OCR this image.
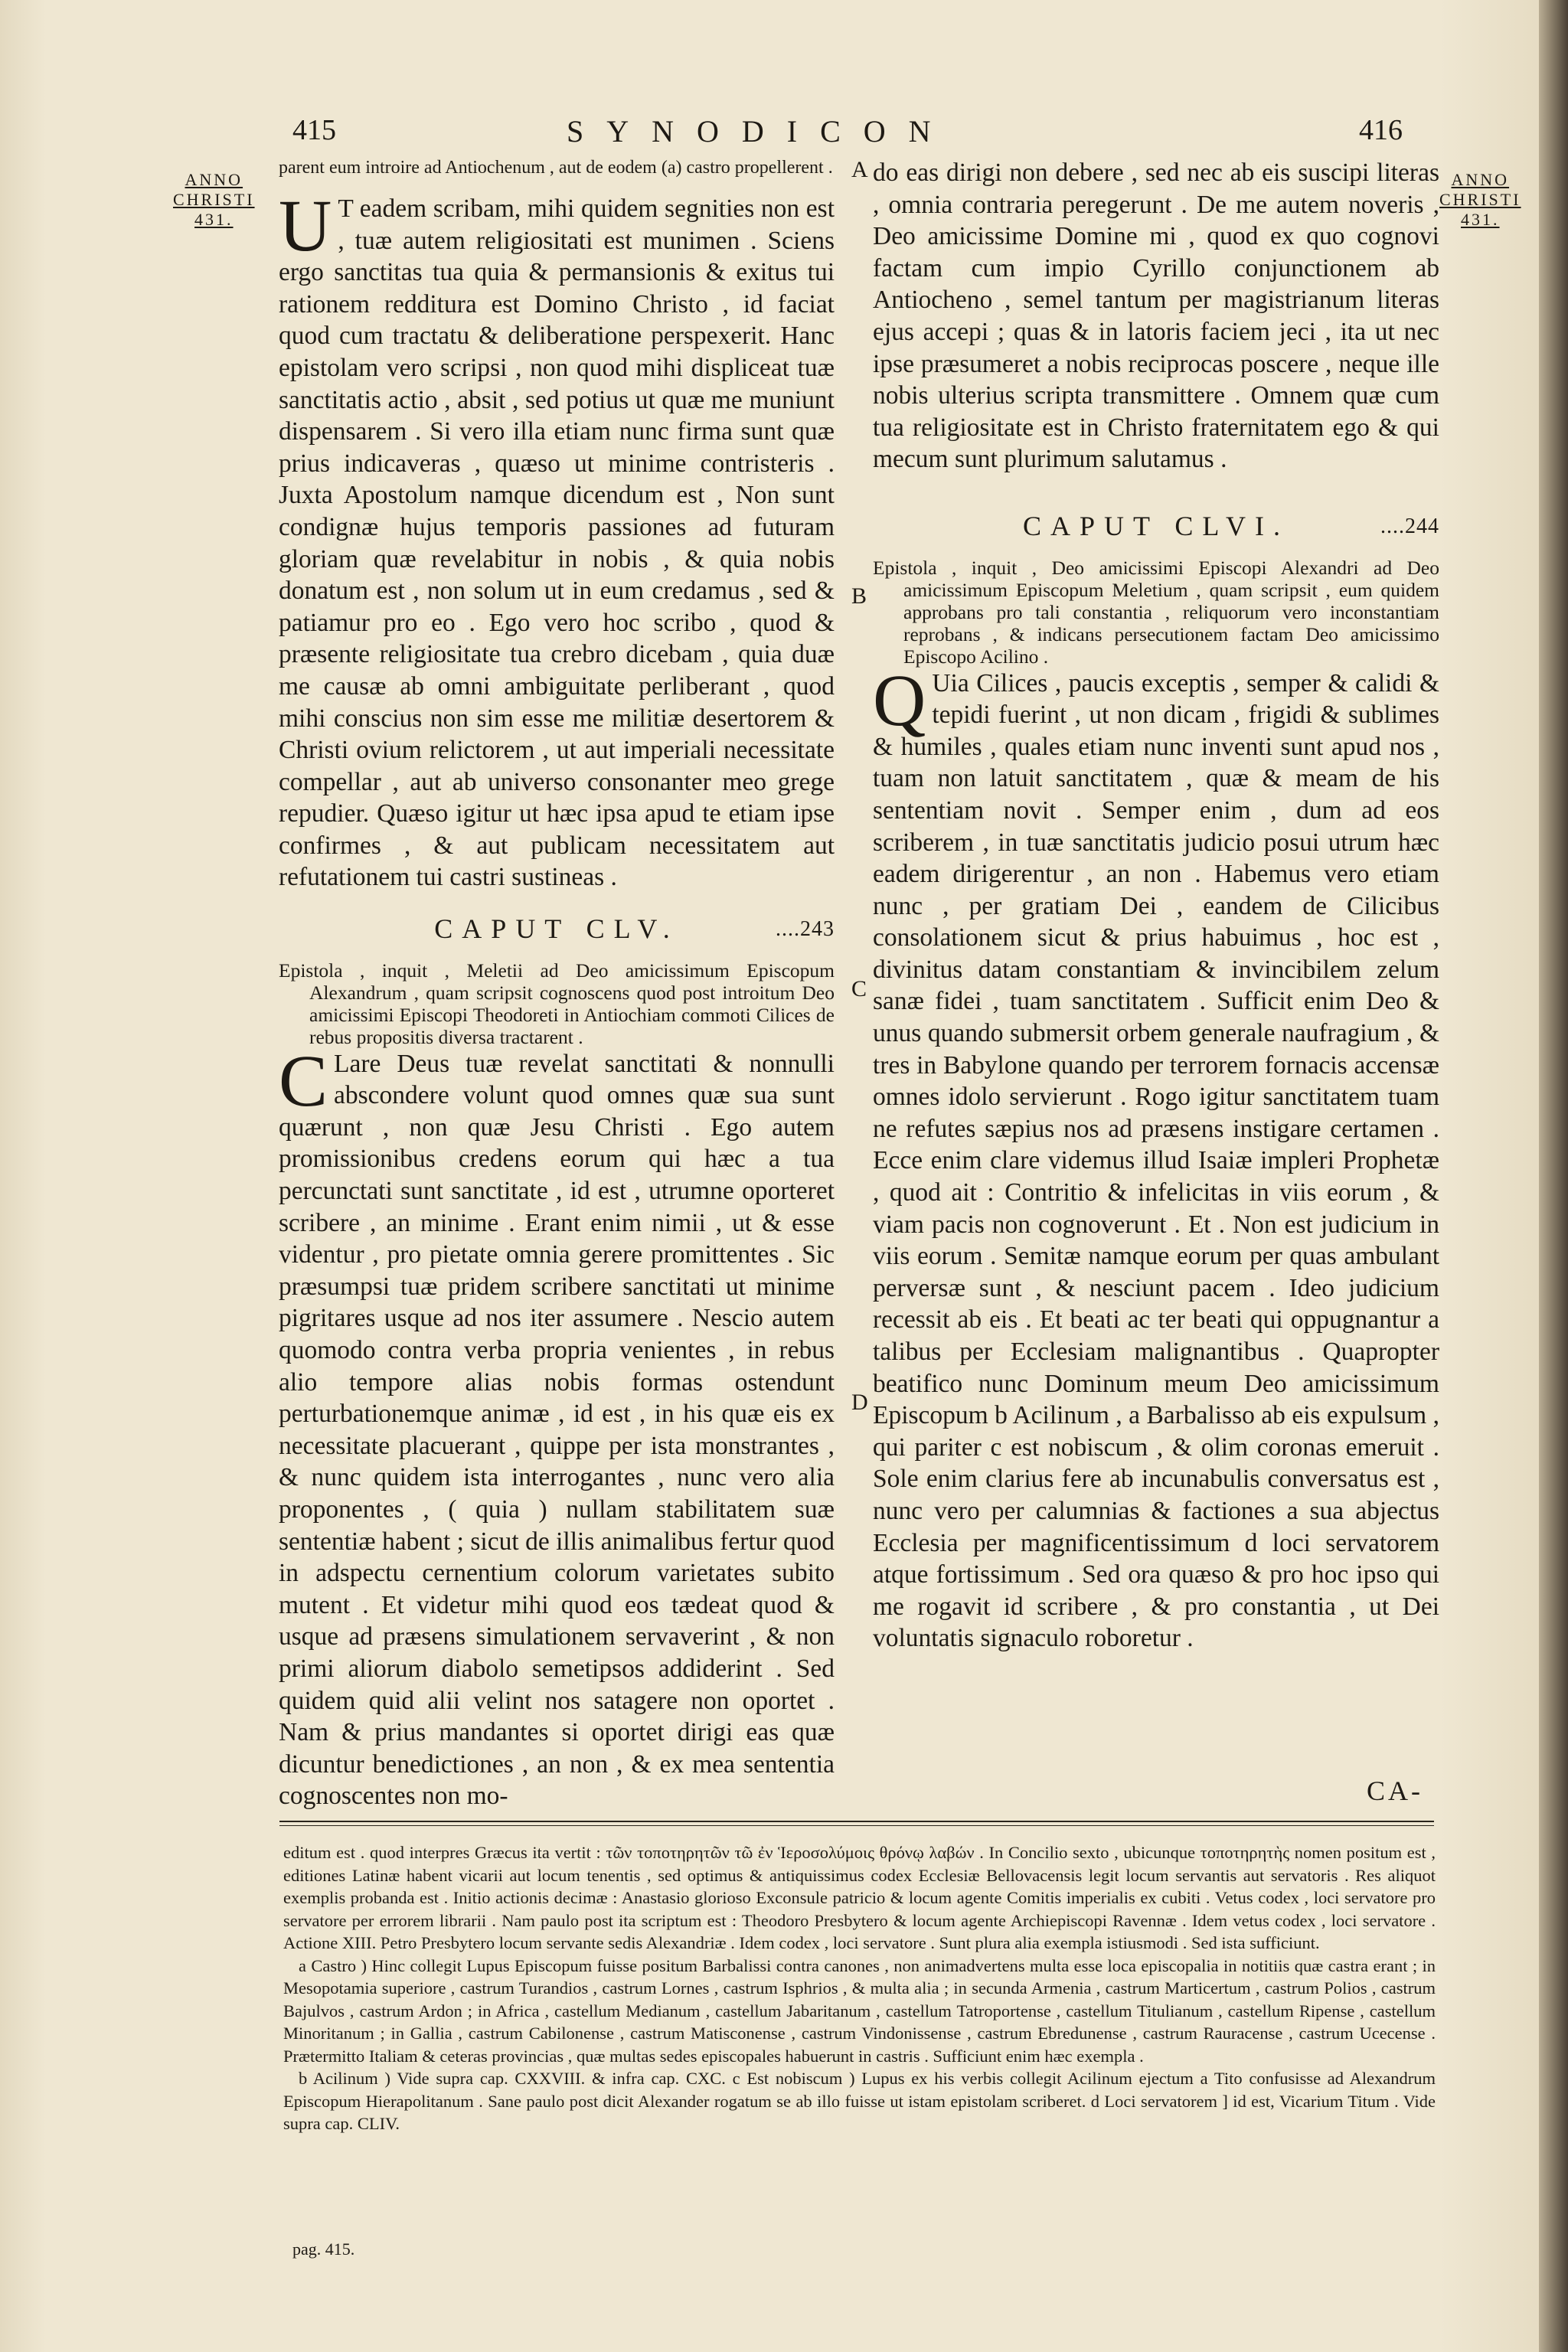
415	SYNODICON	416
ANNO
CHRISTI
431.
ANNO
CHRISTI
431.
A
B
C
D

parent eum introire ad Antiochenum , aut de eodem (a) castro propellerent .

U T eadem scribam, mihi quidem segnities non est , tuæ autem religiositati est munimen . Sciens ergo sanctitas tua quia & permansionis & exitus tui rationem redditura est Domino Christo , id faciat quod cum tractatu & deliberatione perspexerit. Hanc epistolam vero scripsi , non quod mihi displiceat tuæ sanctitatis actio , absit , sed potius ut quæ me muniunt dispensarem . Si vero illa etiam nunc firma sunt quæ prius indicaveras , quæso ut minime contristeris . Juxta Apostolum namque dicendum est , Non sunt condignæ hujus temporis passiones ad futuram gloriam quæ revelabitur in nobis , & quia nobis donatum est , non solum ut in eum credamus , sed & patiamur pro eo . Ego vero hoc scribo , quod & præsente religiositate tua crebro dicebam , quia duæ me causæ ab omni ambiguitate perliberant , quod mihi conscius non sim esse me militiæ desertorem & Christi ovium relictorem , ut aut imperiali necessitate compellar , aut ab universo consonanter meo grege repudier. Quæso igitur ut hæc ipsa apud te etiam ipse confirmes , & aut publicam necessitatem aut refutationem tui castri sustineas .

CAPUT CLV.	....243

Epistola , inquit , Meletii ad Deo amicissimum Episcopum Alexandrum , quam scripsit cognoscens quod post introitum Deo amicissimi Episcopi Theodoreti in Antiochiam commoti Cilices de rebus propositis diversa tractarent .

C Lare Deus tuæ revelat sanctitati & nonnulli abscondere volunt quod omnes quæ sua sunt quærunt , non quæ Jesu Christi . Ego autem promissionibus credens eorum qui hæc a tua percunctati sunt sanctitate , id est , utrumne oporteret scribere , an minime . Erant enim nimii , ut & esse videntur , pro pietate omnia gerere promittentes . Sic præsumpsi tuæ pridem scribere sanctitati ut minime pigritares usque ad nos iter assumere . Nescio autem quomodo contra verba propria venientes , in rebus alio tempore alias nobis formas ostendunt perturbationemque animæ , id est , in his quæ eis ex necessitate placuerant , quippe per ista monstrantes , & nunc quidem ista interrogantes , nunc vero alia proponentes , ( quia ) nullam stabilitatem suæ sententiæ habent ; sicut de illis animalibus fertur quod in adspectu cernentium colorum varietates subito mutent . Et videtur mihi quod eos tædeat quod & usque ad præsens simulationem servaverint , & non primi aliorum diabolo semetipsos addiderint . Sed quidem quid alii velint nos satagere non oportet . Nam & prius mandantes si oportet dirigi eas quæ dicuntur benedictiones , an non , & ex mea sententia cognoscentes non mo-

do eas dirigi non debere , sed nec ab eis suscipi literas , omnia contraria peregerunt . De me autem noveris , Deo amicissime Domine mi , quod ex quo cognovi factam cum impio Cyrillo conjunctionem ab Antiocheno , semel tantum per magistrianum literas ejus accepi ; quas & in latoris faciem jeci , ita ut nec ipse præsumeret a nobis reciprocas poscere , neque ille nobis ulterius scripta transmittere . Omnem quæ cum tua religiositate est in Christo fraternitatem ego & qui mecum sunt plurimum salutamus .

CAPUT CLVI.	....244

Epistola , inquit , Deo amicissimi Episcopi Alexandri ad Deo amicissimum Episcopum Meletium , quam scripsit , eum quidem approbans pro tali constantia , reliquorum vero inconstantiam reprobans , & indicans persecutionem factam Deo amicissimo Episcopo Acilino .

Q Uia Cilices , paucis exceptis , semper & calidi & tepidi fuerint , ut non dicam , frigidi & sublimes & humiles , quales etiam nunc inventi sunt apud nos , tuam non latuit sanctitatem , quæ & meam de his sententiam novit . Semper enim , dum ad eos scriberem , in tuæ sanctitatis judicio posui utrum hæc eadem dirigerentur , an non . Habemus vero etiam nunc , per gratiam Dei , eandem de Cilicibus consolationem sicut & prius habuimus , hoc est , divinitus datam constantiam & invincibilem zelum sanæ fidei , tuam sanctitatem . Sufficit enim Deo & unus quando submersit orbem generale naufragium , & tres in Babylone quando per terrorem fornacis accensæ omnes idolo servierunt . Rogo igitur sanctitatem tuam ne refutes sæpius nos ad præsens instigare certamen . Ecce enim clare videmus illud Isaiæ impleri Prophetæ , quod ait : Contritio & infelicitas in viis eorum , & viam pacis non cognoverunt . Et . Non est judicium in viis eorum . Semitæ namque eorum per quas ambulant perversæ sunt , & nesciunt pacem . Ideo judicium recessit ab eis . Et beati ac ter beati qui oppugnantur a talibus per Ecclesiam malignantibus . Quapropter beatifico nunc Dominum meum Deo amicissimum Episcopum b Acilinum , a Barbalisso ab eis expulsum , qui pariter c est nobiscum , & olim coronas emeruit . Sole enim clarius fere ab incunabulis conversatus est , nunc vero per calumnias & factiones a sua abjectus Ecclesia per magnificentissimum d loci servatorem atque fortissimum . Sed ora quæso & pro hoc ipso qui me rogavit id scribere , & pro constantia , ut Dei voluntatis signaculo roboretur .

CA-

editum est . quod interpres Græcus ita vertit : τῶν τοποτηρητῶν τῶ ἐν Ἱεροσολύμοις θρόνῳ λαβών . In Concilio sexto , ubicunque τοποτηρητὴς nomen positum est , editiones Latinæ habent vicarii aut locum tenentis , sed optimus & antiquissimus codex Ecclesiæ Bellovacensis legit locum servantis aut servatoris . Res aliquot exemplis probanda est . Initio actionis decimæ : Anastasio glorioso Exconsule patricio & locum agente Comitis imperialis ex cubiti . Vetus codex , loci servatore pro servatore per errorem librarii . Nam paulo post ita scriptum est : Theodoro Presbytero & locum agente Archiepiscopi Ravennæ . Idem vetus codex , loci servatore . Actione XIII. Petro Presbytero locum servante sedis Alexandriæ . Idem codex , loci servatore . Sunt plura alia exempla istiusmodi . Sed ista sufficiunt.

a Castro ) Hinc collegit Lupus Episcopum fuisse positum Barbalissi contra canones , non animadvertens multa esse loca episcopalia in notitiis quæ castra erant ; in Mesopotamia superiore , castrum Turandios , castrum Lornes , castrum Isphrios , & multa alia ; in secunda Armenia , castrum Marticertum , castrum Polios , castrum Bajulvos , castrum Ardon ; in Africa , castellum Medianum , castellum Jabaritanum , castellum Tatroportense , castellum Titulianum , castellum Ripense , castellum Minoritanum ; in Gallia , castrum Cabilonense , castrum Matisconense , castrum Vindonissense , castrum Ebredunense , castrum Rauracense , castrum Ucecense . Prætermitto Italiam & ceteras provincias , quæ multas sedes episcopales habuerunt in castris . Sufficiunt enim hæc exempla .

b Acilinum ) Vide supra cap. CXXVIII. & infra cap. CXC. c Est nobiscum ) Lupus ex his verbis collegit Acilinum ejectum a Tito confusisse ad Alexandrum Episcopum Hierapolitanum . Sane paulo post dicit Alexander rogatum se ab illo fuisse ut istam epistolam scriberet. d Loci servatorem ] id est, Vicarium Titum . Vide supra cap. CLIV.

pag. 415.
